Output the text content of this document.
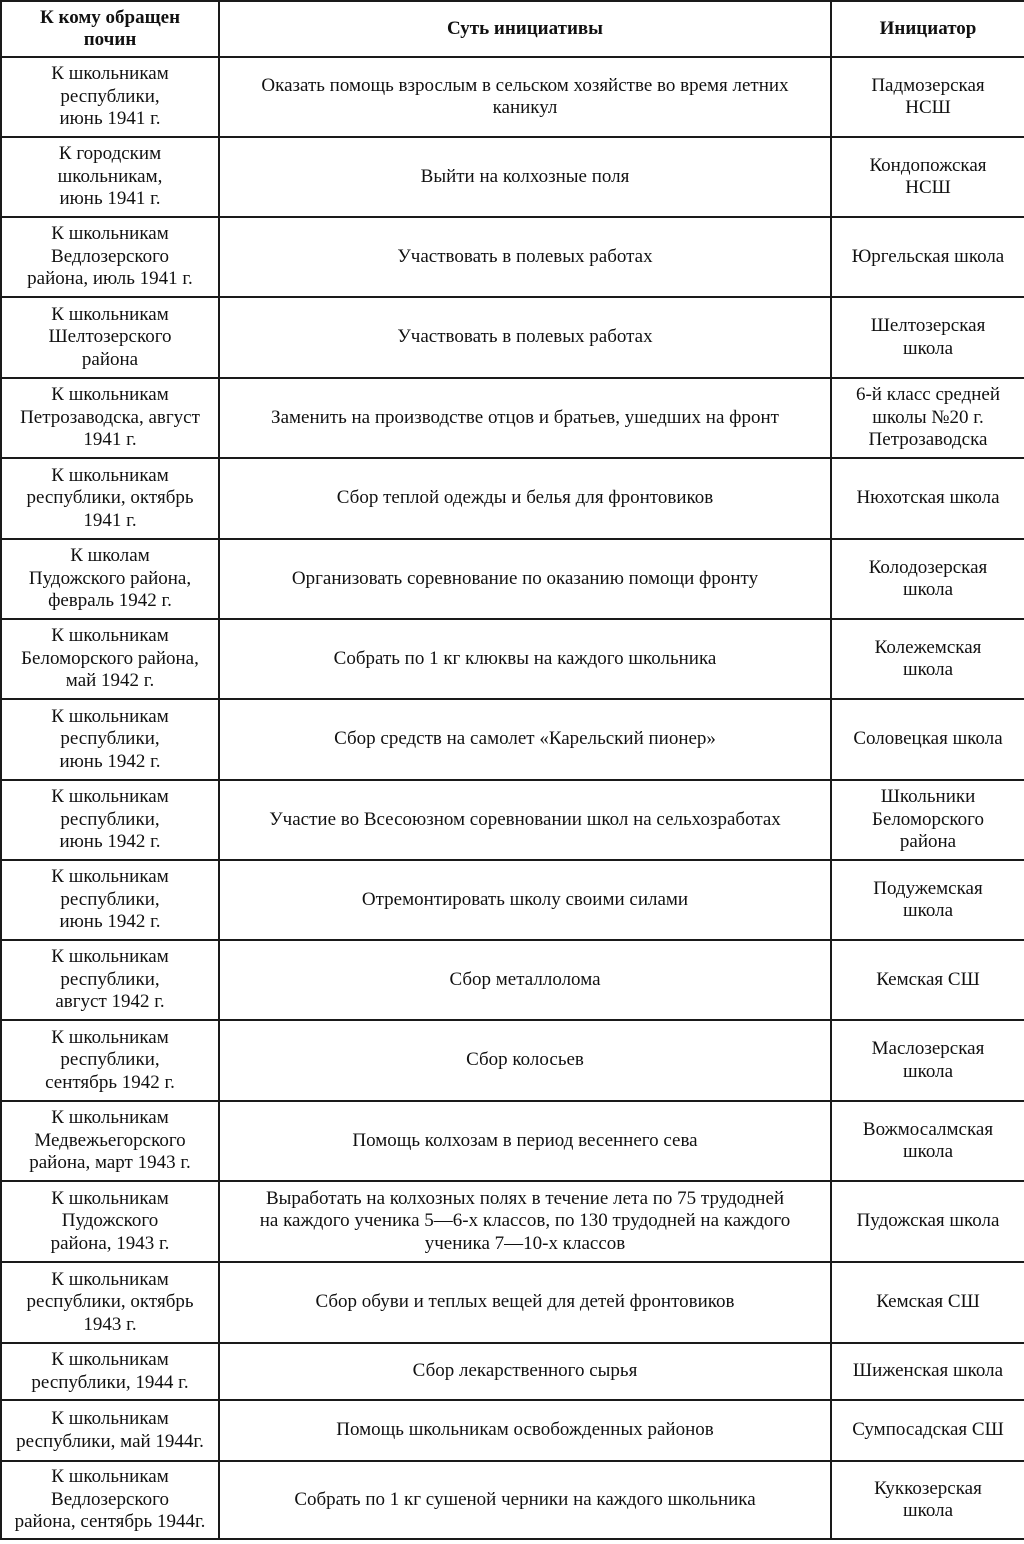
К кому обращен
почин	Суть инициативы	Инициатор

К школьникам
республики,
июнь 1941 г.	Оказать помощь взрослым в сельском хозяйстве во время летних
каникул	Падмозерская
НСШ

К городским
школьникам,
июнь 1941 г.	Выйти на колхозные поля	Кондопожская
НСШ

К школьникам
Ведлозерского
района, июль 1941 г.	Участвовать в полевых работах	Юргельская школа

К школьникам
Шелтозерского
района	Участвовать в полевых работах	Шелтозерская
школа

К школьникам
Петрозаводска, август
1941 г.	Заменить на производстве отцов и братьев, ушедших на фронт	6-й класс средней
школы №20 г.
Петрозаводска

К школьникам
республики, октябрь
1941 г.	Сбор теплой одежды и белья для фронтовиков	Нюхотская школа

К школам
Пудожского района,
февраль 1942 г.	Организовать соревнование по оказанию помощи фронту	Колодозерская
школа

К школьникам
Беломорского района,
май 1942 г.	Собрать по 1 кг клюквы на каждого школьника	Колежемская
школа

К школьникам
республики,
июнь 1942 г.	Сбор средств на самолет «Карельский пионер»	Соловецкая школа

К школьникам
республики,
июнь 1942 г.	Участие во Всесоюзном соревновании школ на сельхозработах	Школьники
Беломорского
района

К школьникам
республики,
июнь 1942 г.	Отремонтировать школу своими силами	Подужемская
школа

К школьникам
республики,
август 1942 г.	Сбор металлолома	Кемская СШ

К школьникам
республики,
сентябрь 1942 г.	Сбор колосьев	Маслозерская
школа

К школьникам
Медвежьегорского
района, март 1943 г.	Помощь колхозам в период весеннего сева	Вожмосалмская
школа

К школьникам
Пудожского
района, 1943 г.	Выработать на колхозных полях в течение лета по 75 трудодней
на каждого ученика 5—6-х классов, по 130 трудодней на каждого
ученика 7—10-х классов	Пудожская школа

К школьникам
республики, октябрь
1943 г.	Сбор обуви и теплых вещей для детей фронтовиков	Кемская СШ

К школьникам
республики, 1944 г.	Сбор лекарственного сырья	Шиженская школа

К школьникам
республики, май 1944г.	Помощь школьникам освобожденных районов	Сумпосадская СШ

К школьникам
Ведлозерского
района, сентябрь 1944г.	Собрать по 1 кг сушеной черники на каждого школьника	Куккозерская
школа
